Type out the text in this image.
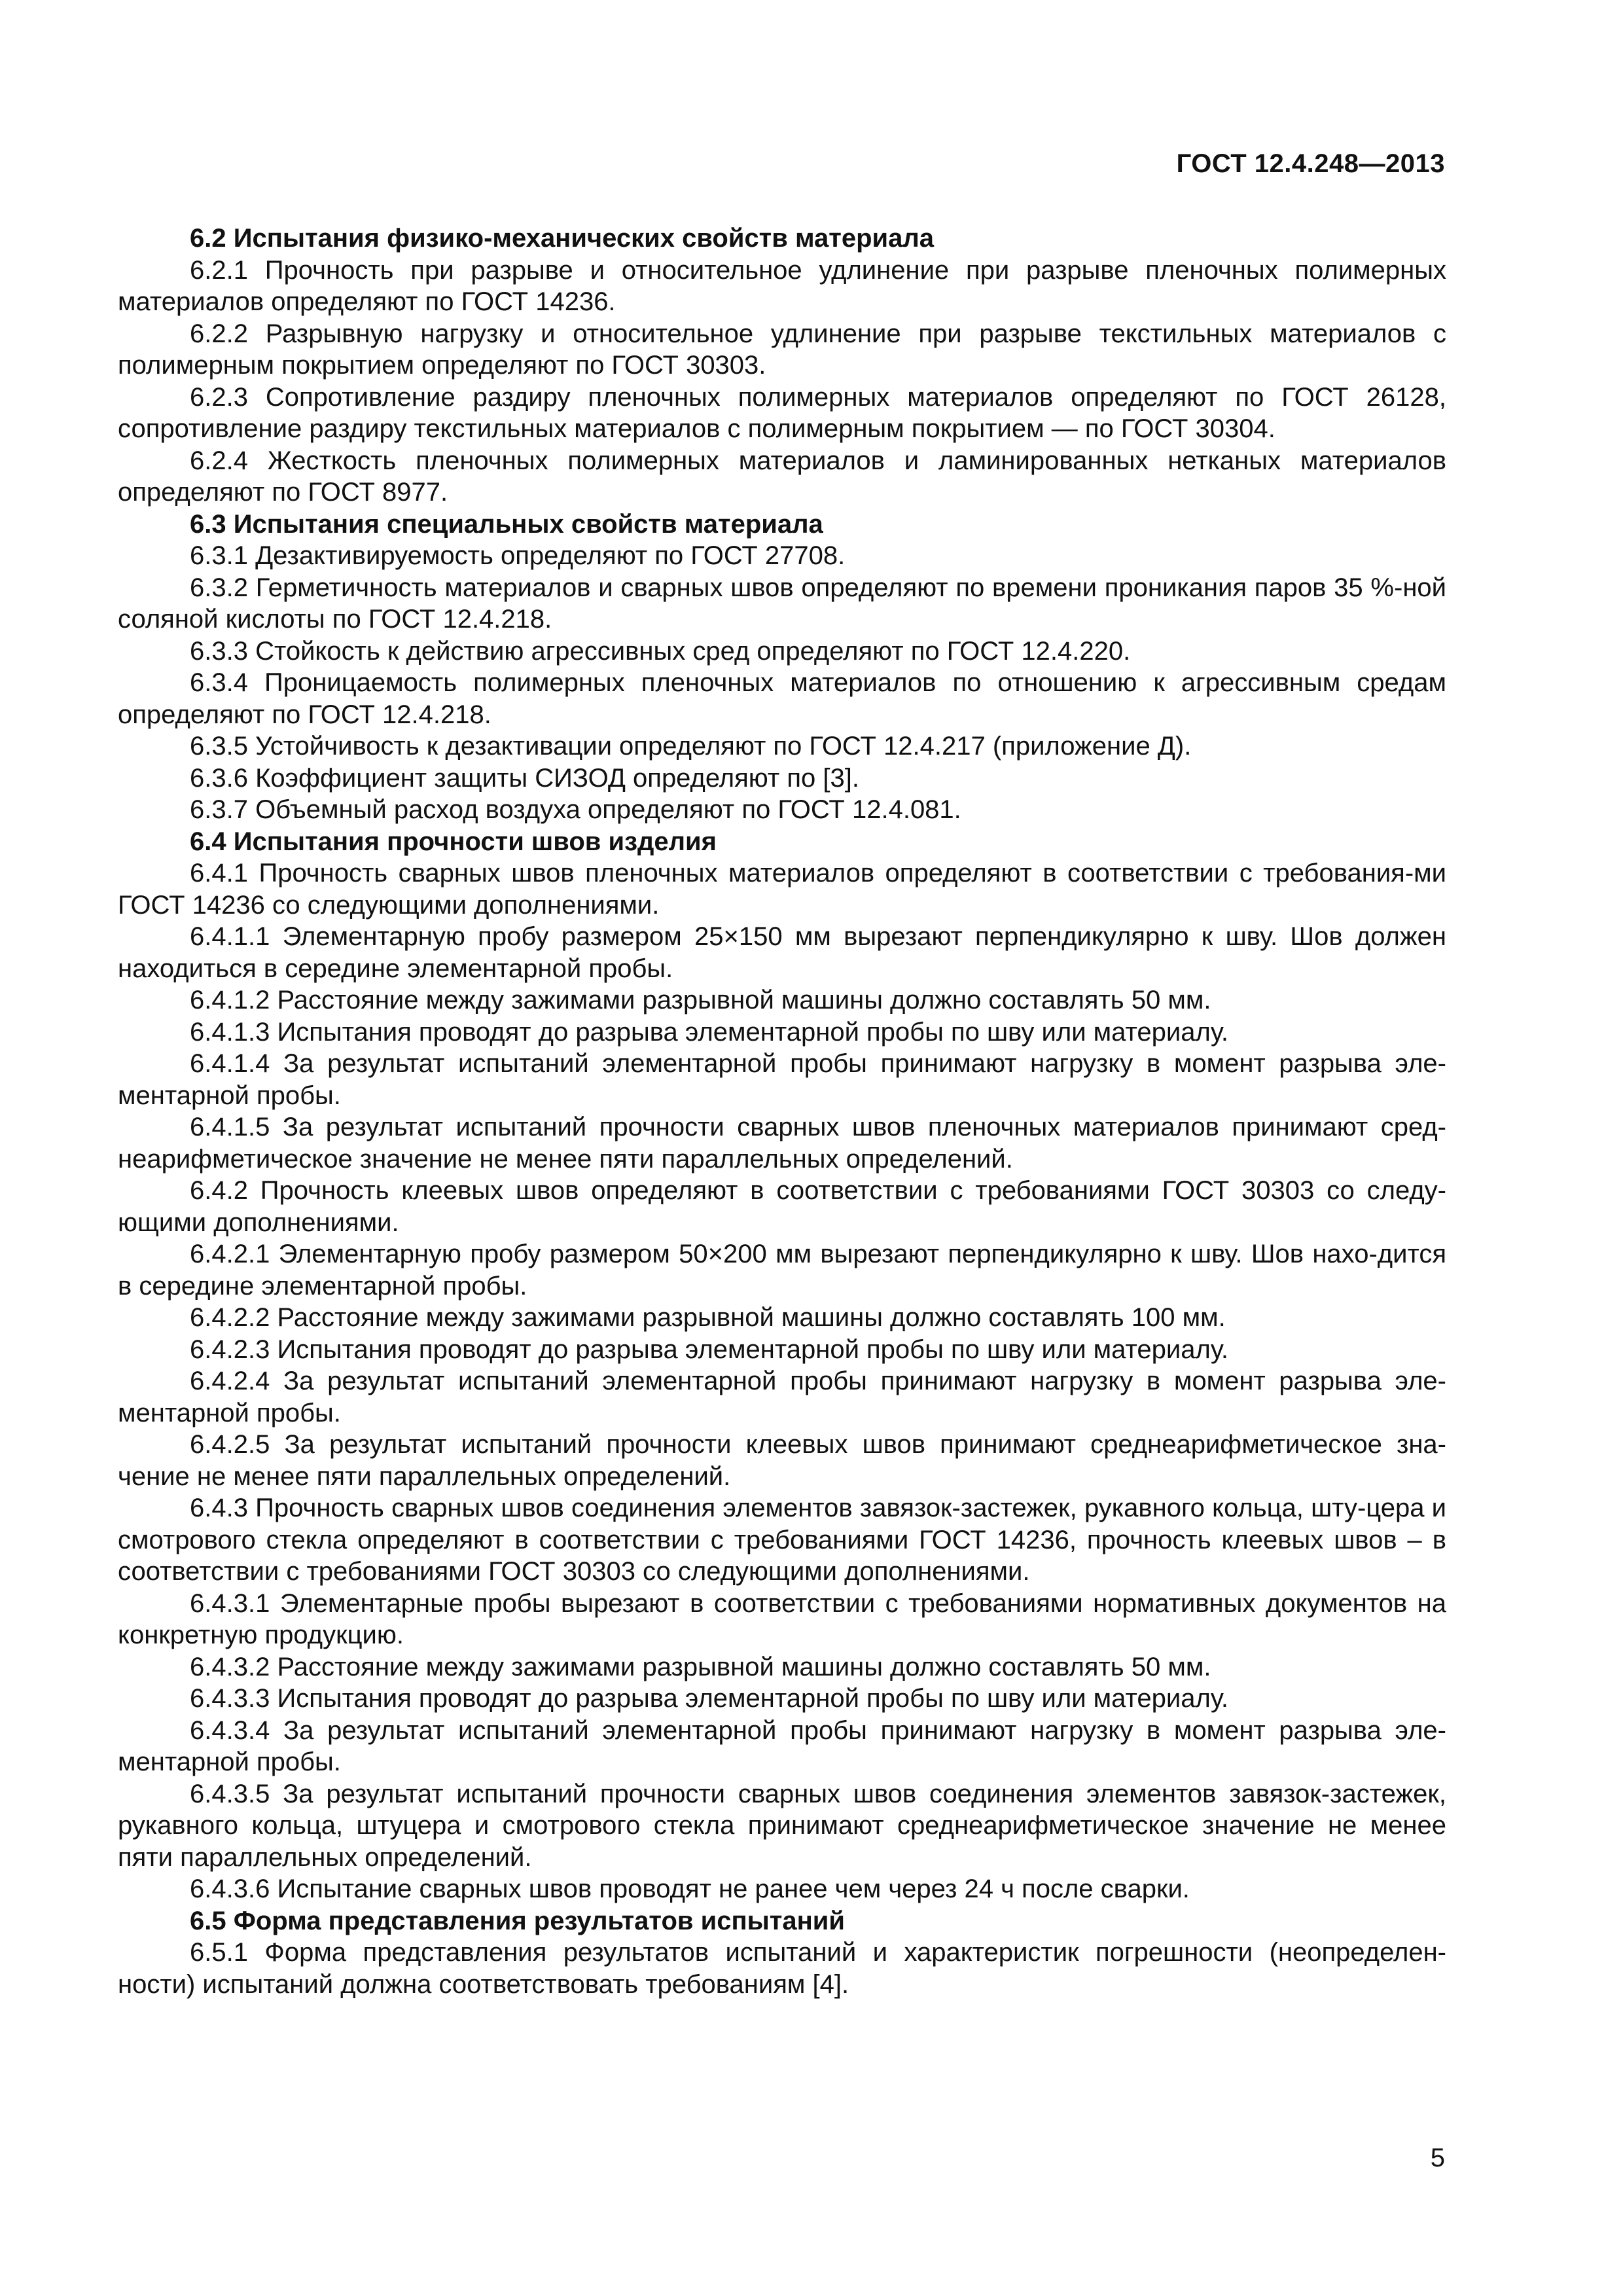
ГОСТ 12.4.248—2013

6.2 Испытания физико-механических свойств материала

6.2.1 Прочность при разрыве и относительное удлинение при разрыве пленочных полимерных материалов определяют по ГОСТ 14236.

6.2.2 Разрывную нагрузку и относительное удлинение при разрыве текстильных материалов с полимерным покрытием определяют по ГОСТ 30303.

6.2.3 Сопротивление раздиру пленочных полимерных материалов определяют по ГОСТ 26128, сопротивление раздиру текстильных материалов с полимерным покрытием — по ГОСТ 30304.

6.2.4 Жесткость пленочных полимерных материалов и ламинированных нетканых материалов определяют по ГОСТ 8977.

6.3 Испытания специальных свойств материала

6.3.1 Дезактивируемость определяют по ГОСТ 27708.

6.3.2 Герметичность материалов и сварных швов определяют по времени проникания паров 35 %-ной соляной кислоты по ГОСТ 12.4.218.

6.3.3 Стойкость к действию агрессивных сред определяют по ГОСТ 12.4.220.

6.3.4 Проницаемость полимерных пленочных материалов по отношению к агрессивным средам определяют по ГОСТ 12.4.218.

6.3.5 Устойчивость к дезактивации определяют по ГОСТ 12.4.217 (приложение Д).

6.3.6 Коэффициент защиты СИЗОД определяют по [3].

6.3.7 Объемный расход воздуха определяют по ГОСТ 12.4.081.

6.4 Испытания прочности швов изделия

6.4.1 Прочность сварных швов пленочных материалов определяют в соответствии с требования-ми ГОСТ 14236 со следующими дополнениями.

6.4.1.1 Элементарную пробу размером 25×150 мм вырезают перпендикулярно к шву. Шов должен находиться в середине элементарной пробы.

6.4.1.2 Расстояние между зажимами разрывной машины должно составлять 50 мм.

6.4.1.3 Испытания проводят до разрыва элементарной пробы по шву или материалу.

6.4.1.4 За результат испытаний элементарной пробы принимают нагрузку в момент разрыва эле-ментарной пробы.

6.4.1.5 За результат испытаний прочности сварных швов пленочных материалов принимают сред-неарифметическое значение не менее пяти параллельных определений.

6.4.2 Прочность клеевых швов определяют в соответствии с требованиями ГОСТ 30303 со следу-ющими дополнениями.

6.4.2.1 Элементарную пробу размером 50×200 мм вырезают перпендикулярно к шву. Шов нахо-дится в середине элементарной пробы.

6.4.2.2 Расстояние между зажимами разрывной машины должно составлять 100 мм.

6.4.2.3 Испытания проводят до разрыва элементарной пробы по шву или материалу.

6.4.2.4 За результат испытаний элементарной пробы принимают нагрузку в момент разрыва эле-ментарной пробы.

6.4.2.5 За результат испытаний прочности клеевых швов принимают среднеарифметическое зна-чение не менее пяти параллельных определений.

6.4.3 Прочность сварных швов соединения элементов завязок-застежек, рукавного кольца, шту-цера и смотрового стекла определяют в соответствии с требованиями ГОСТ 14236, прочность клеевых швов – в соответствии с требованиями ГОСТ 30303 со следующими дополнениями.

6.4.3.1 Элементарные пробы вырезают в соответствии с требованиями нормативных документов на конкретную продукцию.

6.4.3.2 Расстояние между зажимами разрывной машины должно составлять 50 мм.

6.4.3.3 Испытания проводят до разрыва элементарной пробы по шву или материалу.

6.4.3.4 За результат испытаний элементарной пробы принимают нагрузку в момент разрыва эле-ментарной пробы.

6.4.3.5 За результат испытаний прочности сварных швов соединения элементов завязок-застежек, рукавного кольца, штуцера и смотрового стекла принимают среднеарифметическое значение не менее пяти параллельных определений.

6.4.3.6 Испытание сварных швов проводят не ранее чем через 24 ч после сварки.

6.5 Форма представления результатов испытаний

6.5.1 Форма представления результатов испытаний и характеристик погрешности (неопределен-ности) испытаний должна соответствовать требованиям [4].

5
